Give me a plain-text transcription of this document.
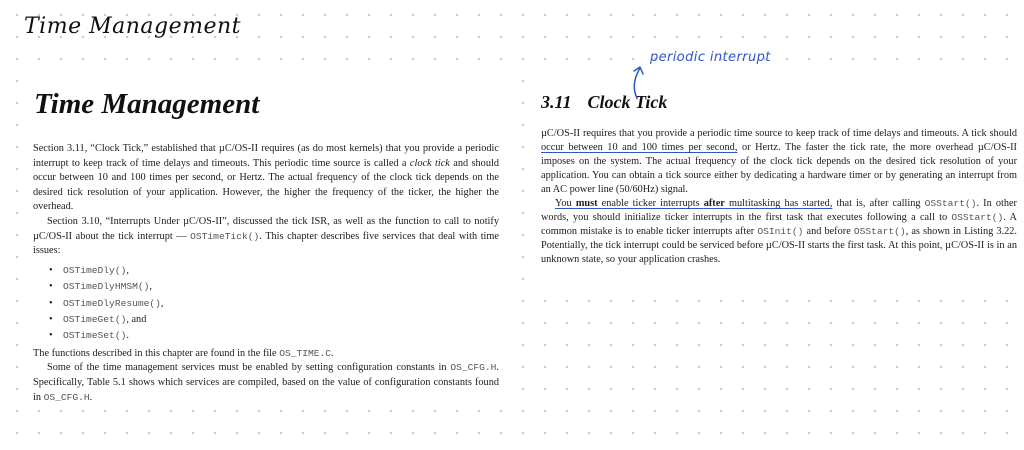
Time Management
Time Management

Section 3.11, “Clock Tick,” established that µC/OS-II requires (as do most kernels) that you provide a periodic interrupt to keep track of time delays and timeouts. This periodic time source is called a clock tick and should occur between 10 and 100 times per second, or Hertz. The actual frequency of the clock tick depends on the desired tick resolution of your application. However, the higher the frequency of the ticker, the higher the overhead.

Section 3.10, “Interrupts Under µC/OS-II”, discussed the tick ISR, as well as the function to call to notify µC/OS-II about the tick interrupt — OSTimeTick(). This chapter describes five services that deal with time issues:

• OSTimeDly(),
• OSTimeDlyHMSM(),
• OSTimeDlyResume(),
• OSTimeGet(), and
• OSTimeSet().

The functions described in this chapter are found in the file OS_TIME.C.

Some of the time management services must be enabled by setting configuration constants in OS_CFG.H. Specifically, Table 5.1 shows which services are compiled, based on the value of configuration constants found in OS_CFG.H.

3.11 Clock Tick

µC/OS-II requires that you provide a periodic time source to keep track of time delays and timeouts. A tick should occur between 10 and 100 times per second, or Hertz. The faster the tick rate, the more overhead µC/OS-II imposes on the system. The actual frequency of the clock tick depends on the desired tick resolution of your application. You can obtain a tick source either by dedicating a hardware timer or by generating an interrupt from an AC power line (50/60Hz) signal.

You must enable ticker interrupts after multitasking has started, that is, after calling OSStart(). In other words, you should initialize ticker interrupts in the first task that executes following a call to OSStart(). A common mistake is to enable ticker interrupts after OSInit() and before OSStart(), as shown in Listing 3.22. Potentially, the tick interrupt could be serviced before µC/OS-II starts the first task. At this point, µC/OS-II is in an unknown state, so your application crashes.

periodic interrupt
